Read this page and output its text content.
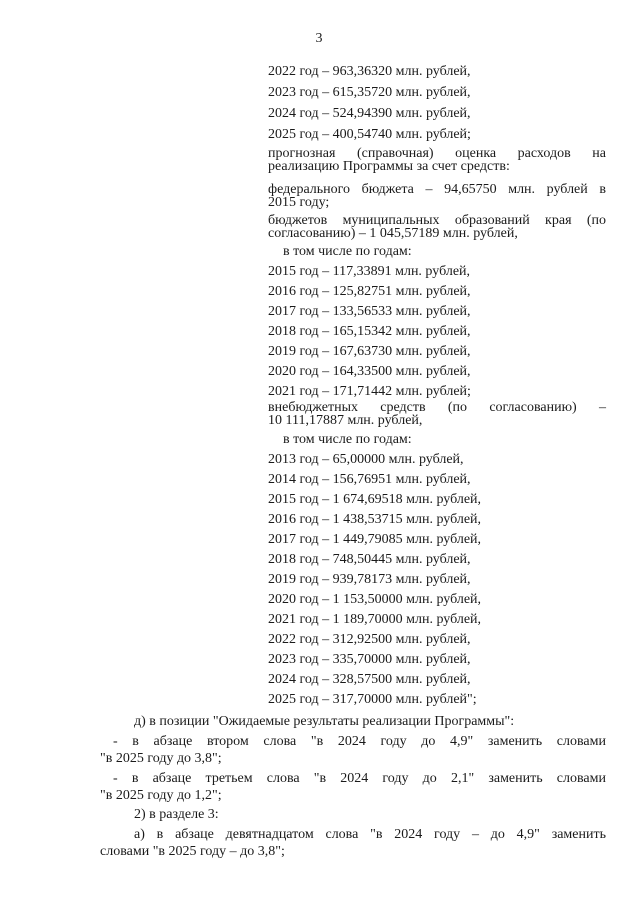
3
2022 год – 963,36320 млн. рублей,
2023 год – 615,35720 млн. рублей,
2024 год – 524,94390 млн. рублей,
2025 год – 400,54740 млн. рублей;
прогнозная (справочная) оценка расходов на
реализацию Программы за счет средств:
федерального бюджета – 94,65750 млн. рублей в
2015 году;
бюджетов муниципальных образований края (по
согласованию) – 1 045,57189 млн. рублей,
в том числе по годам:
2015 год – 117,33891 млн. рублей,
2016 год – 125,82751 млн. рублей,
2017 год – 133,56533 млн. рублей,
2018 год – 165,15342 млн. рублей,
2019 год – 167,63730 млн. рублей,
2020 год – 164,33500 млн. рублей,
2021 год – 171,71442 млн. рублей;
внебюджетных средств (по согласованию) –
10 111,17887 млн. рублей,
в том числе по годам:
2013 год – 65,00000 млн. рублей,
2014 год – 156,76951 млн. рублей,
2015 год – 1 674,69518 млн. рублей,
2016 год – 1 438,53715 млн. рублей,
2017 год – 1 449,79085 млн. рублей,
2018 год – 748,50445 млн. рублей,
2019 год – 939,78173 млн. рублей,
2020 год – 1 153,50000 млн. рублей,
2021 год – 1 189,70000 млн. рублей,
2022 год – 312,92500 млн. рублей,
2023 год – 335,70000 млн. рублей,
2024 год – 328,57500 млн. рублей,
2025 год – 317,70000 млн. рублей";
д) в позиции "Ожидаемые результаты реализации Программы":
- в абзаце втором слова "в 2024 году до 4,9" заменить словами
"в 2025 году до 3,8";
- в абзаце третьем слова "в 2024 году до 2,1" заменить словами
"в 2025 году до 1,2";
2) в разделе 3:
а) в абзаце девятнадцатом слова "в 2024 году – до 4,9" заменить
словами "в 2025 году – до 3,8";
